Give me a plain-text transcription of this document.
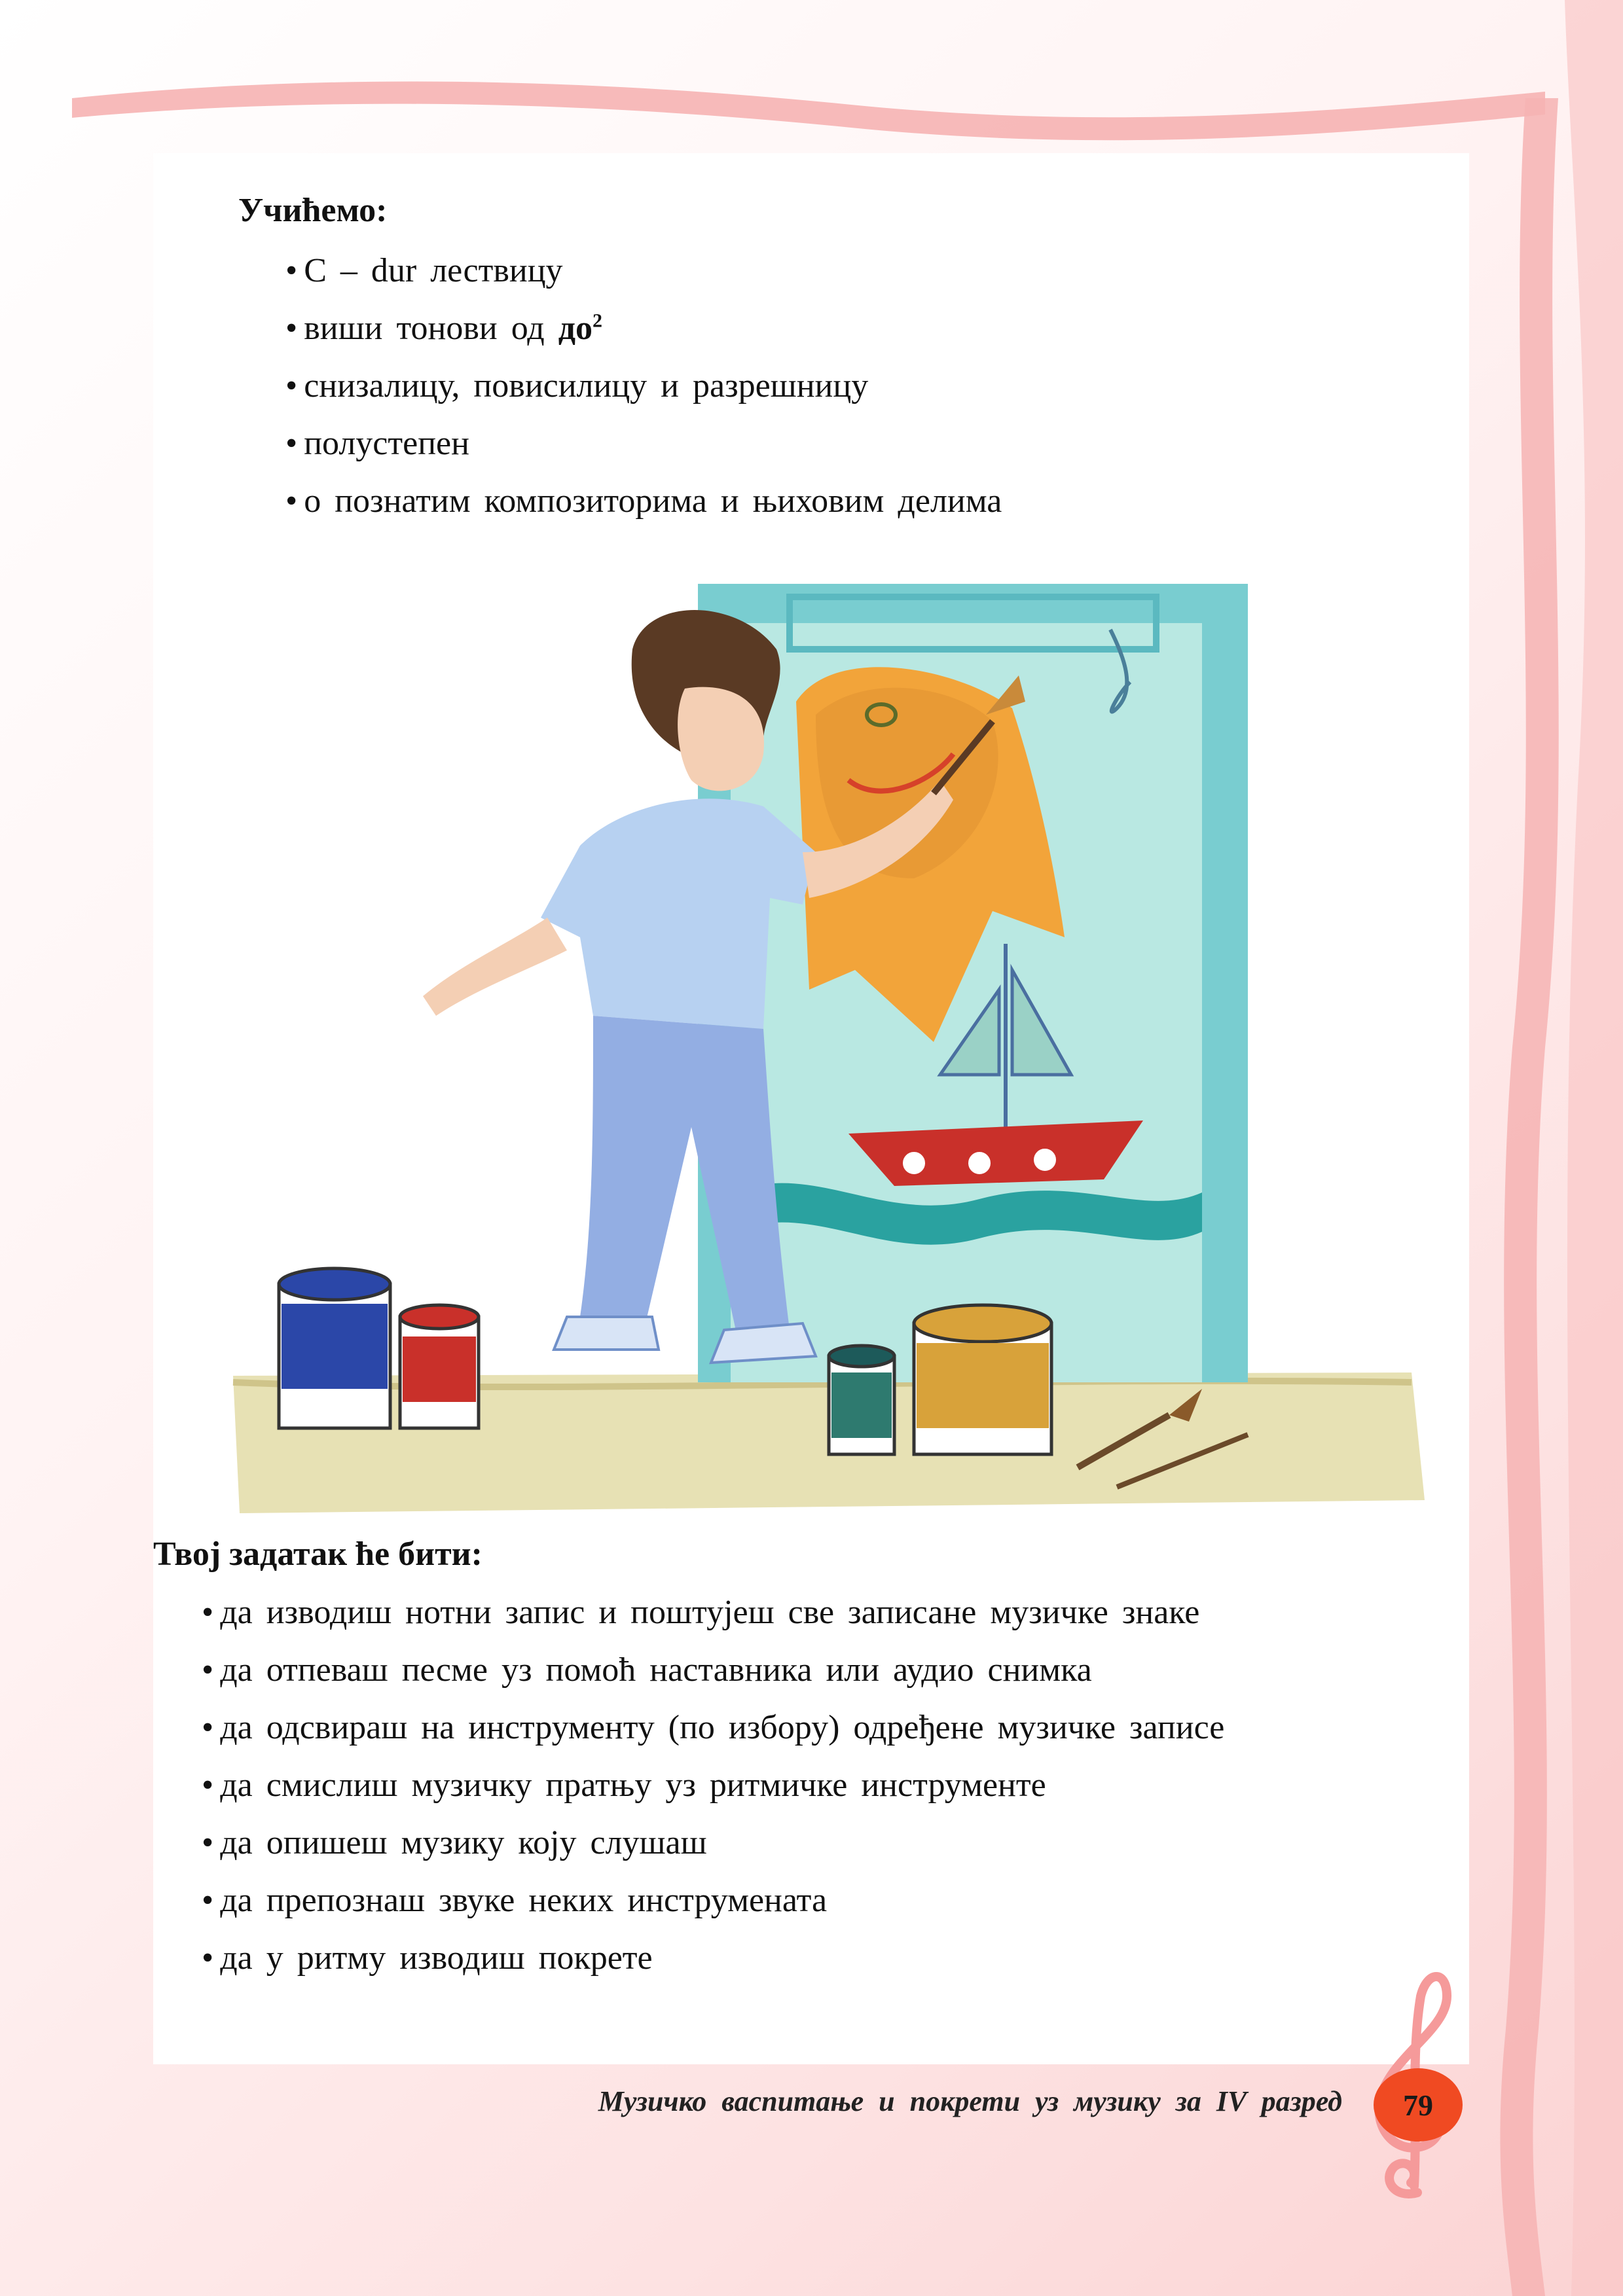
Учићемо:
• C – dur лествицу
• виши тонови од $до^2$
• снизалицу, повисилицу и разрешницу
• полустепен
• о познатим композиторима и њиховим делима
Твој задатак ће бити:
• да изводиш нотни запис и поштујеш све записане музичке знаке
• да отпеваш песме уз помоћ наставника или аудио снимка
• да одсвираш на инструменту (по избору) одређене музичке записе
• да смислиш музичку пратњу уз ритмичке инструменте
• да опишеш музику коју слушаш
• да препознаш звуке неких инструмената
• да у ритму изводиш покрете
Музичко васпитање и покрети уз музику за IV разред 79
